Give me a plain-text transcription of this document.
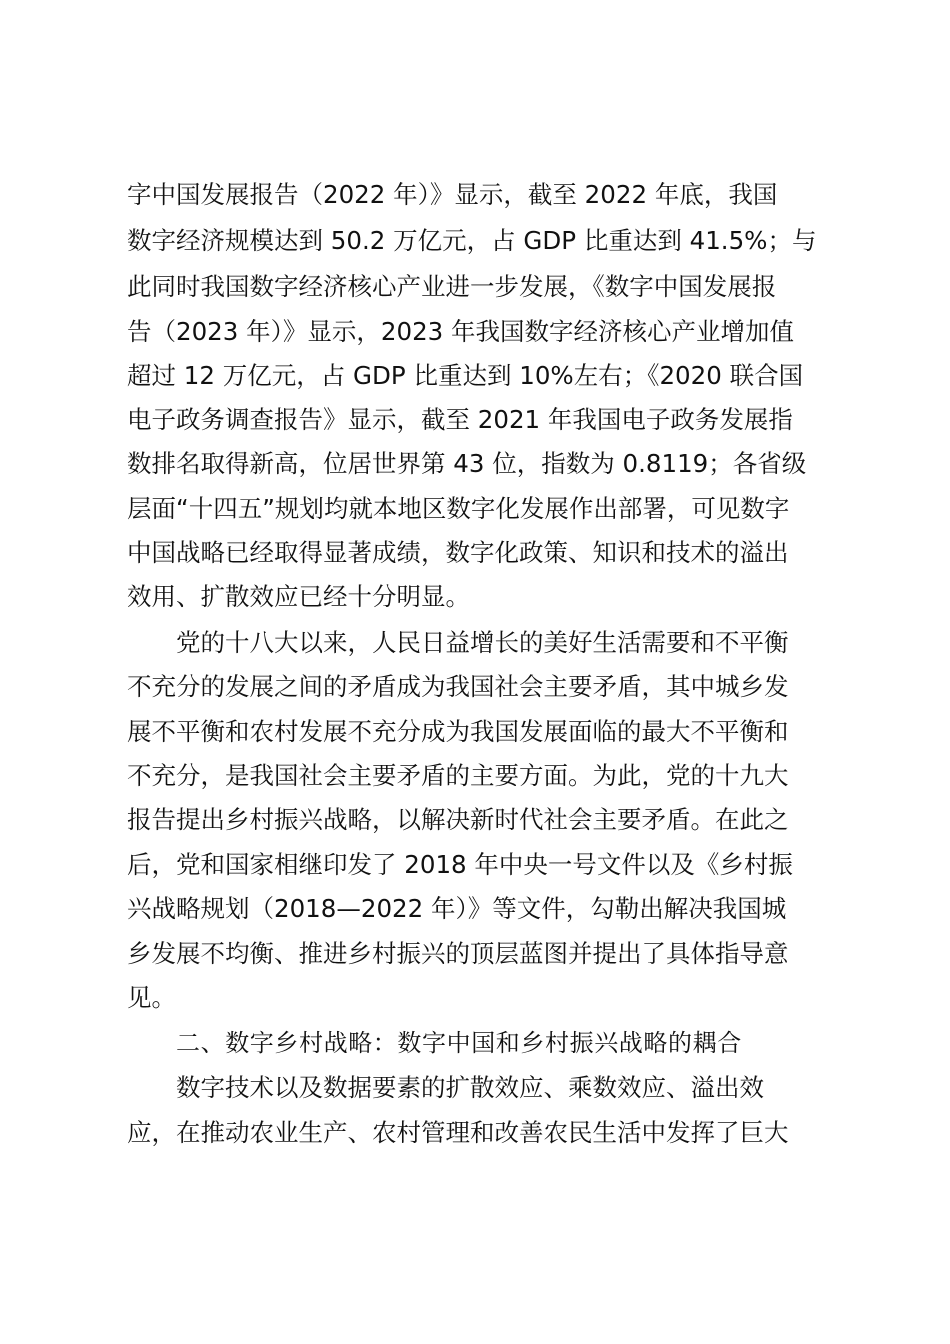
字中国发展报告（2022 年）》显示，截至 2022 年底，我国
数字经济规模达到 50.2 万亿元，占 GDP 比重达到 41.5%；与
此同时我国数字经济核心产业进一步发展，《数字中国发展报
告（2023 年）》显示，2023 年我国数字经济核心产业增加值
超过 12 万亿元，占 GDP 比重达到 10%左右；《2020 联合国
电子政务调查报告》显示，截至 2021 年我国电子政务发展指
数排名取得新高，位居世界第 43 位，指数为 0.8119；各省级
层面“十四五”规划均就本地区数字化发展作出部署，可见数字
中国战略已经取得显著成绩，数字化政策、知识和技术的溢出
效用、扩散效应已经十分明显。
党的十八大以来，人民日益增长的美好生活需要和不平衡
不充分的发展之间的矛盾成为我国社会主要矛盾，其中城乡发
展不平衡和农村发展不充分成为我国发展面临的最大不平衡和
不充分，是我国社会主要矛盾的主要方面。为此，党的十九大
报告提出乡村振兴战略，以解决新时代社会主要矛盾。在此之
后，党和国家相继印发了 2018 年中央一号文件以及《乡村振
兴战略规划（2018—2022 年）》等文件，勾勒出解决我国城
乡发展不均衡、推进乡村振兴的顶层蓝图并提出了具体指导意
见。
二、数字乡村战略：数字中国和乡村振兴战略的耦合
数字技术以及数据要素的扩散效应、乘数效应、溢出效
应，在推动农业生产、农村管理和改善农民生活中发挥了巨大
